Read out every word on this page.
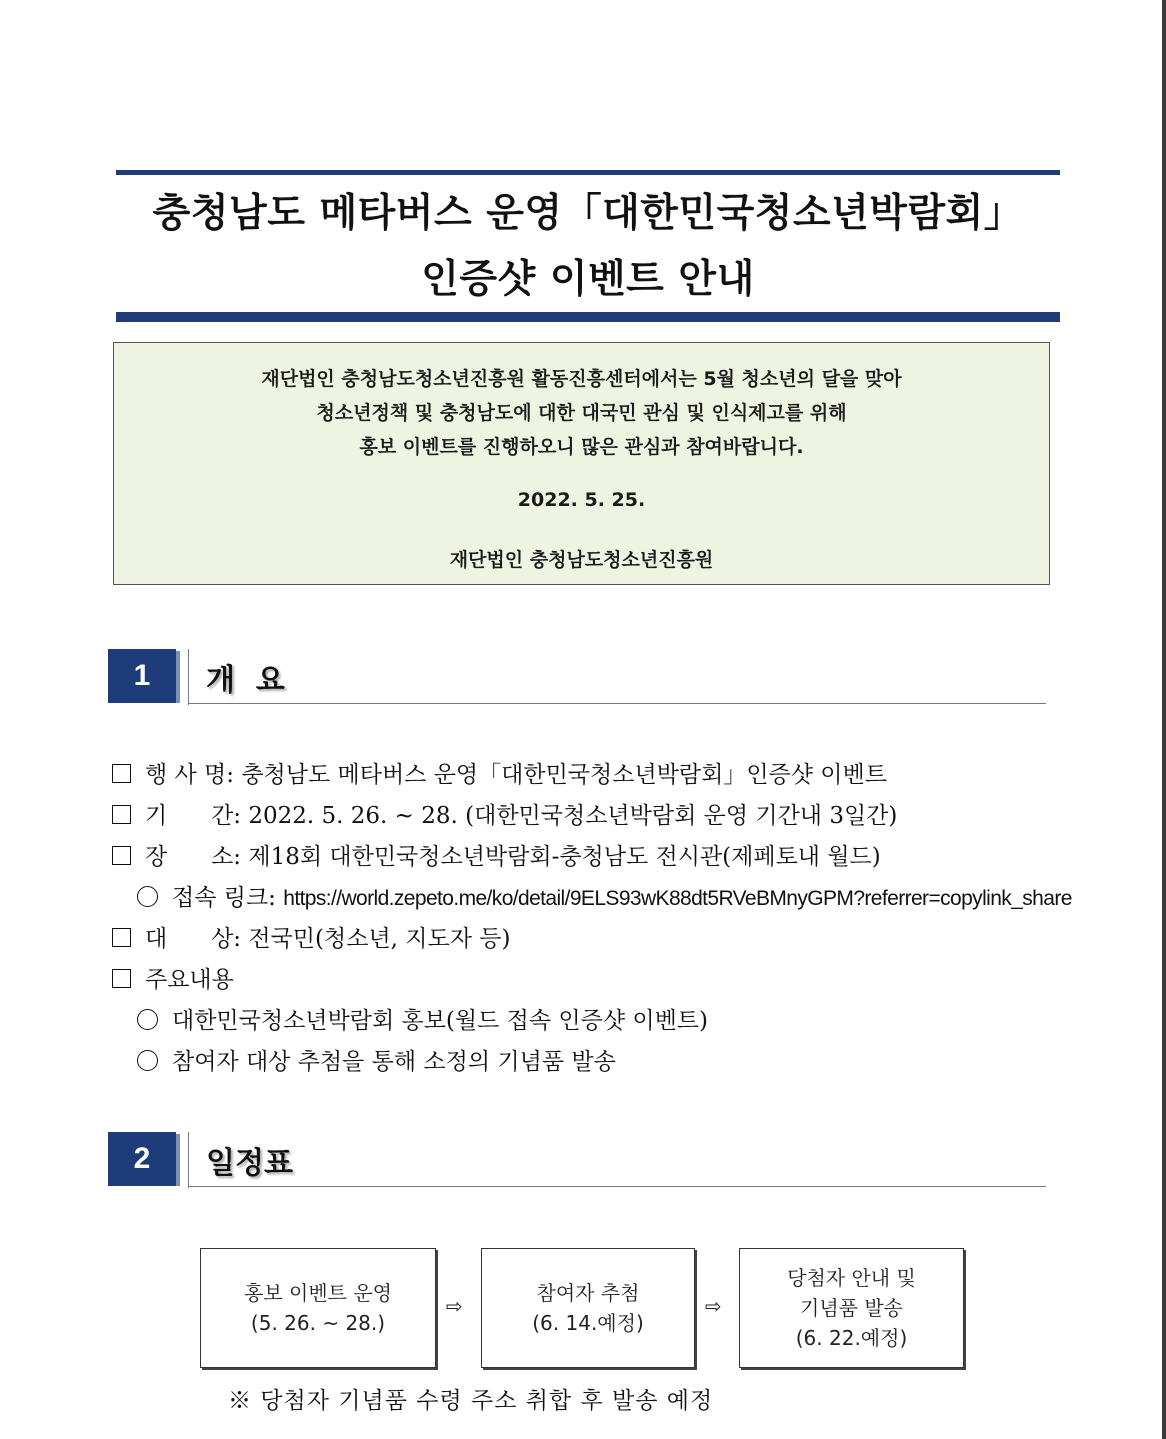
충청남도 메타버스 운영「대한민국청소년박람회」
인증샷 이벤트 안내
재단법인 충청남도청소년진흥원 활동진흥센터에서는 5월 청소년의 달을 맞아
청소년정책 및 충청남도에 대한 대국민 관심 및 인식제고를 위해
홍보 이벤트를 진행하오니 많은 관심과 참여바랍니다.
2022. 5. 25.
재단법인 충청남도청소년진흥원
1	개  요
행 사 명: 충청남도 메타버스 운영「대한민국청소년박람회」인증샷 이벤트
기      간: 2022. 5. 26. ~ 28. (대한민국청소년박람회 운영 기간내 3일간)
장      소: 제18회 대한민국청소년박람회-충청남도 전시관(제페토내 월드)
접속 링크: https://world.zepeto.me/ko/detail/9ELS93wK88dt5RVeBMnyGPM?referrer=copylink_share
대      상: 전국민(청소년, 지도자 등)
주요내용
대한민국청소년박람회 홍보(월드 접속 인증샷 이벤트)
참여자 대상 추첨을 통해 소정의 기념품 발송
2	일정표
홍보 이벤트 운영
(5. 26. ~ 28.)
⇨
참여자 추첨
(6. 14.예정)
⇨
당첨자 안내 및
기념품 발송
(6. 22.예정)
※ 당첨자 기념품 수령 주소 취합 후 발송 예정
